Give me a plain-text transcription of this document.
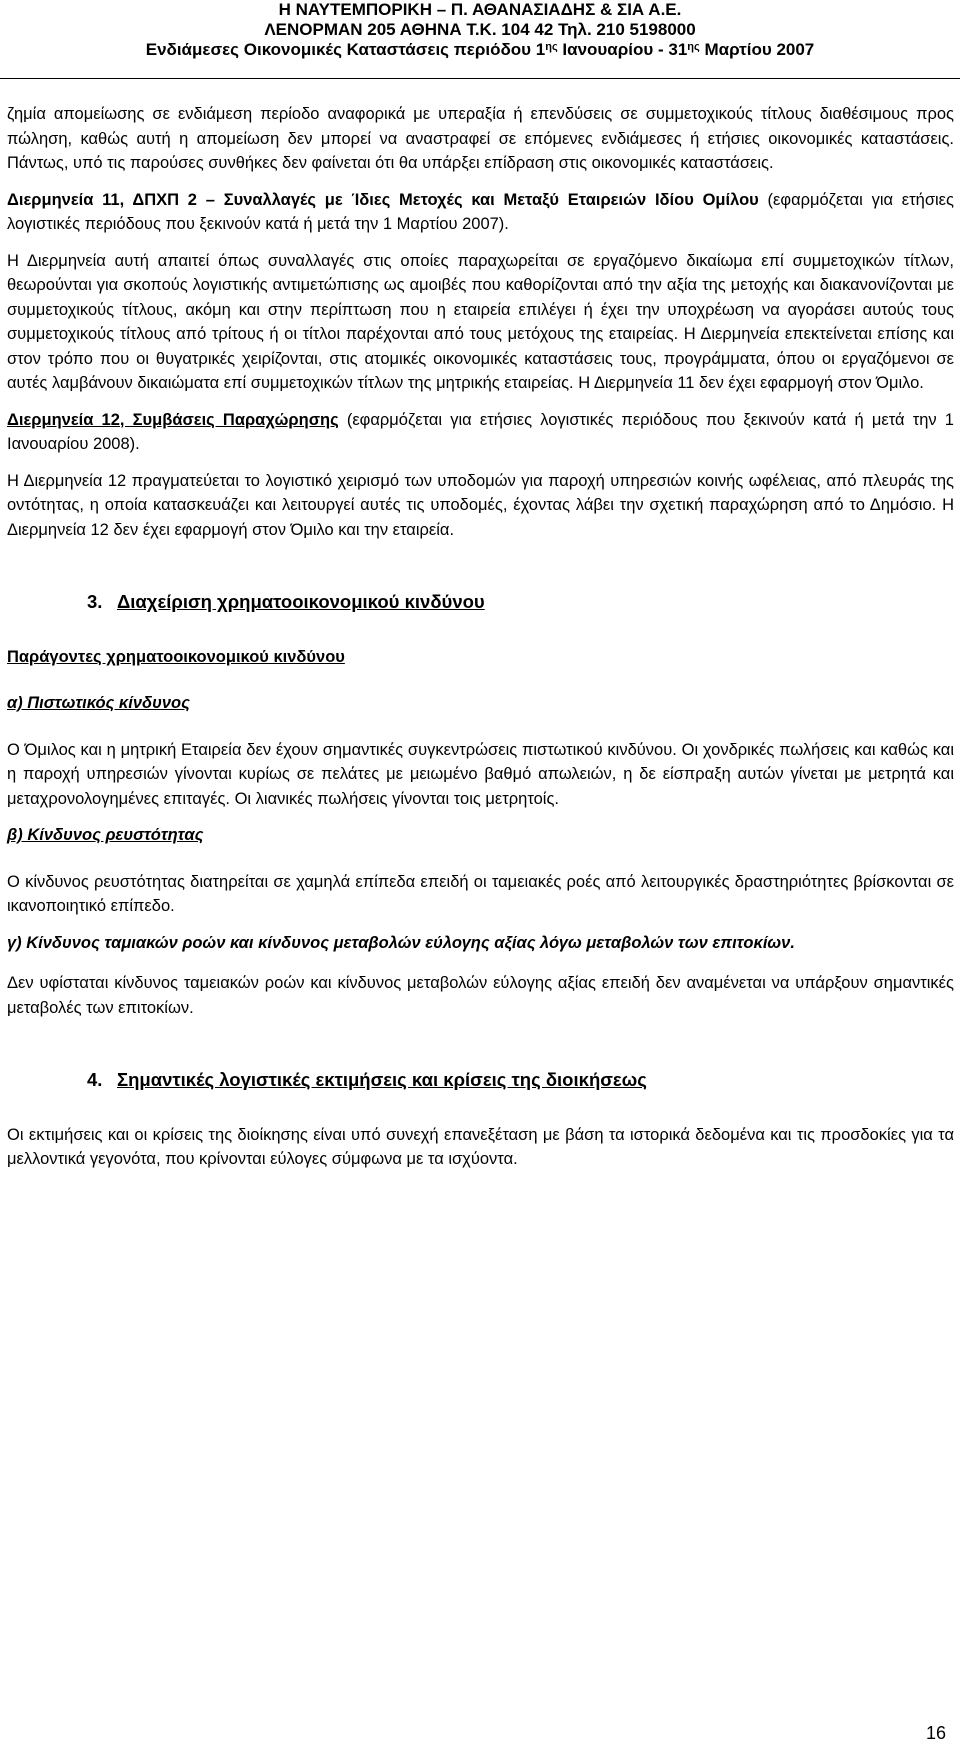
Η ΝΑΥΤΕΜΠΟΡΙΚΗ – Π. ΑΘΑΝΑΣΙΑΔΗΣ & ΣΙΑ Α.Ε.
ΛΕΝΟΡΜΑΝ 205 ΑΘΗΝΑ Τ.Κ. 104 42 Τηλ. 210 5198000
Ενδιάμεσες Οικονομικές Καταστάσεις περιόδου $1^{\eta\varsigma}$ Ιανουαρίου - $31^{\eta\varsigma}$ Μαρτίου 2007

ζημία απομείωσης σε ενδιάμεση περίοδο αναφορικά με υπεραξία ή επενδύσεις σε συμμετοχικούς τίτλους διαθέσιμους προς πώληση, καθώς αυτή η απομείωση δεν μπορεί να αναστραφεί σε επόμενες ενδιάμεσες ή ετήσιες οικονομικές καταστάσεις. Πάντως, υπό τις παρούσες συνθήκες δεν φαίνεται ότι θα υπάρξει επίδραση στις οικονομικές καταστάσεις.

Διερμηνεία 11, ΔΠΧΠ 2 – Συναλλαγές με Ίδιες Μετοχές και Μεταξύ Εταιρειών Ιδίου Ομίλου (εφαρμόζεται για ετήσιες λογιστικές περιόδους που ξεκινούν κατά ή μετά την 1 Μαρτίου 2007).

Η Διερμηνεία αυτή απαιτεί όπως συναλλαγές στις οποίες παραχωρείται σε εργαζόμενο δικαίωμα επί συμμετοχικών τίτλων, θεωρούνται για σκοπούς λογιστικής αντιμετώπισης ως αμοιβές που καθορίζονται από την αξία της μετοχής και διακανονίζονται με συμμετοχικούς τίτλους, ακόμη και στην περίπτωση που η εταιρεία επιλέγει ή έχει την υποχρέωση να αγοράσει αυτούς τους συμμετοχικούς τίτλους από τρίτους ή οι τίτλοι παρέχονται από τους μετόχους της εταιρείας. Η Διερμηνεία επεκτείνεται επίσης και στον τρόπο που οι θυγατρικές χειρίζονται, στις ατομικές οικονομικές καταστάσεις τους, προγράμματα, όπου οι εργαζόμενοι σε αυτές λαμβάνουν δικαιώματα επί συμμετοχικών τίτλων της μητρικής εταιρείας. Η Διερμηνεία 11 δεν έχει εφαρμογή στον Όμιλο.

Διερμηνεία 12, Συμβάσεις Παραχώρησης (εφαρμόζεται για ετήσιες λογιστικές περιόδους που ξεκινούν κατά ή μετά την 1 Ιανουαρίου 2008).

Η Διερμηνεία 12 πραγματεύεται το λογιστικό χειρισμό των υποδομών για παροχή υπηρεσιών κοινής ωφέλειας, από πλευράς της οντότητας, η οποία κατασκευάζει και λειτουργεί αυτές τις υποδομές, έχοντας λάβει την σχετική παραχώρηση από το Δημόσιο. Η Διερμηνεία 12 δεν έχει εφαρμογή στον Όμιλο και την εταιρεία.

3. Διαχείριση χρηματοοικονομικού κινδύνου
Παράγοντες χρηματοοικονομικού κινδύνου
α) Πιστωτικός κίνδυνος

Ο Όμιλος και η μητρική Εταιρεία δεν έχουν σημαντικές συγκεντρώσεις πιστωτικού κινδύνου. Οι χονδρικές πωλήσεις και καθώς και η παροχή υπηρεσιών γίνονται κυρίως σε πελάτες με μειωμένο βαθμό απωλειών, η δε είσπραξη αυτών γίνεται με μετρητά και μεταχρονολογημένες επιταγές. Οι λιανικές πωλήσεις γίνονται τοις μετρητοίς.

β) Κίνδυνος ρευστότητας

Ο κίνδυνος ρευστότητας διατηρείται σε χαμηλά επίπεδα επειδή οι ταμειακές ροές από λειτουργικές δραστηριότητες βρίσκονται σε ικανοποιητικό επίπεδο.

γ) Κίνδυνος ταμιακών ροών και κίνδυνος μεταβολών εύλογης αξίας λόγω μεταβολών των επιτοκίων.

Δεν υφίσταται κίνδυνος ταμειακών ροών και κίνδυνος μεταβολών εύλογης αξίας επειδή δεν αναμένεται να υπάρξουν σημαντικές μεταβολές των επιτοκίων.

4. Σημαντικές λογιστικές εκτιμήσεις και κρίσεις της διοικήσεως

Οι εκτιμήσεις και οι κρίσεις της διοίκησης είναι υπό συνεχή επανεξέταση με βάση τα ιστορικά δεδομένα και τις προσδοκίες για τα μελλοντικά γεγονότα, που κρίνονται εύλογες σύμφωνα με τα ισχύοντα.

16
